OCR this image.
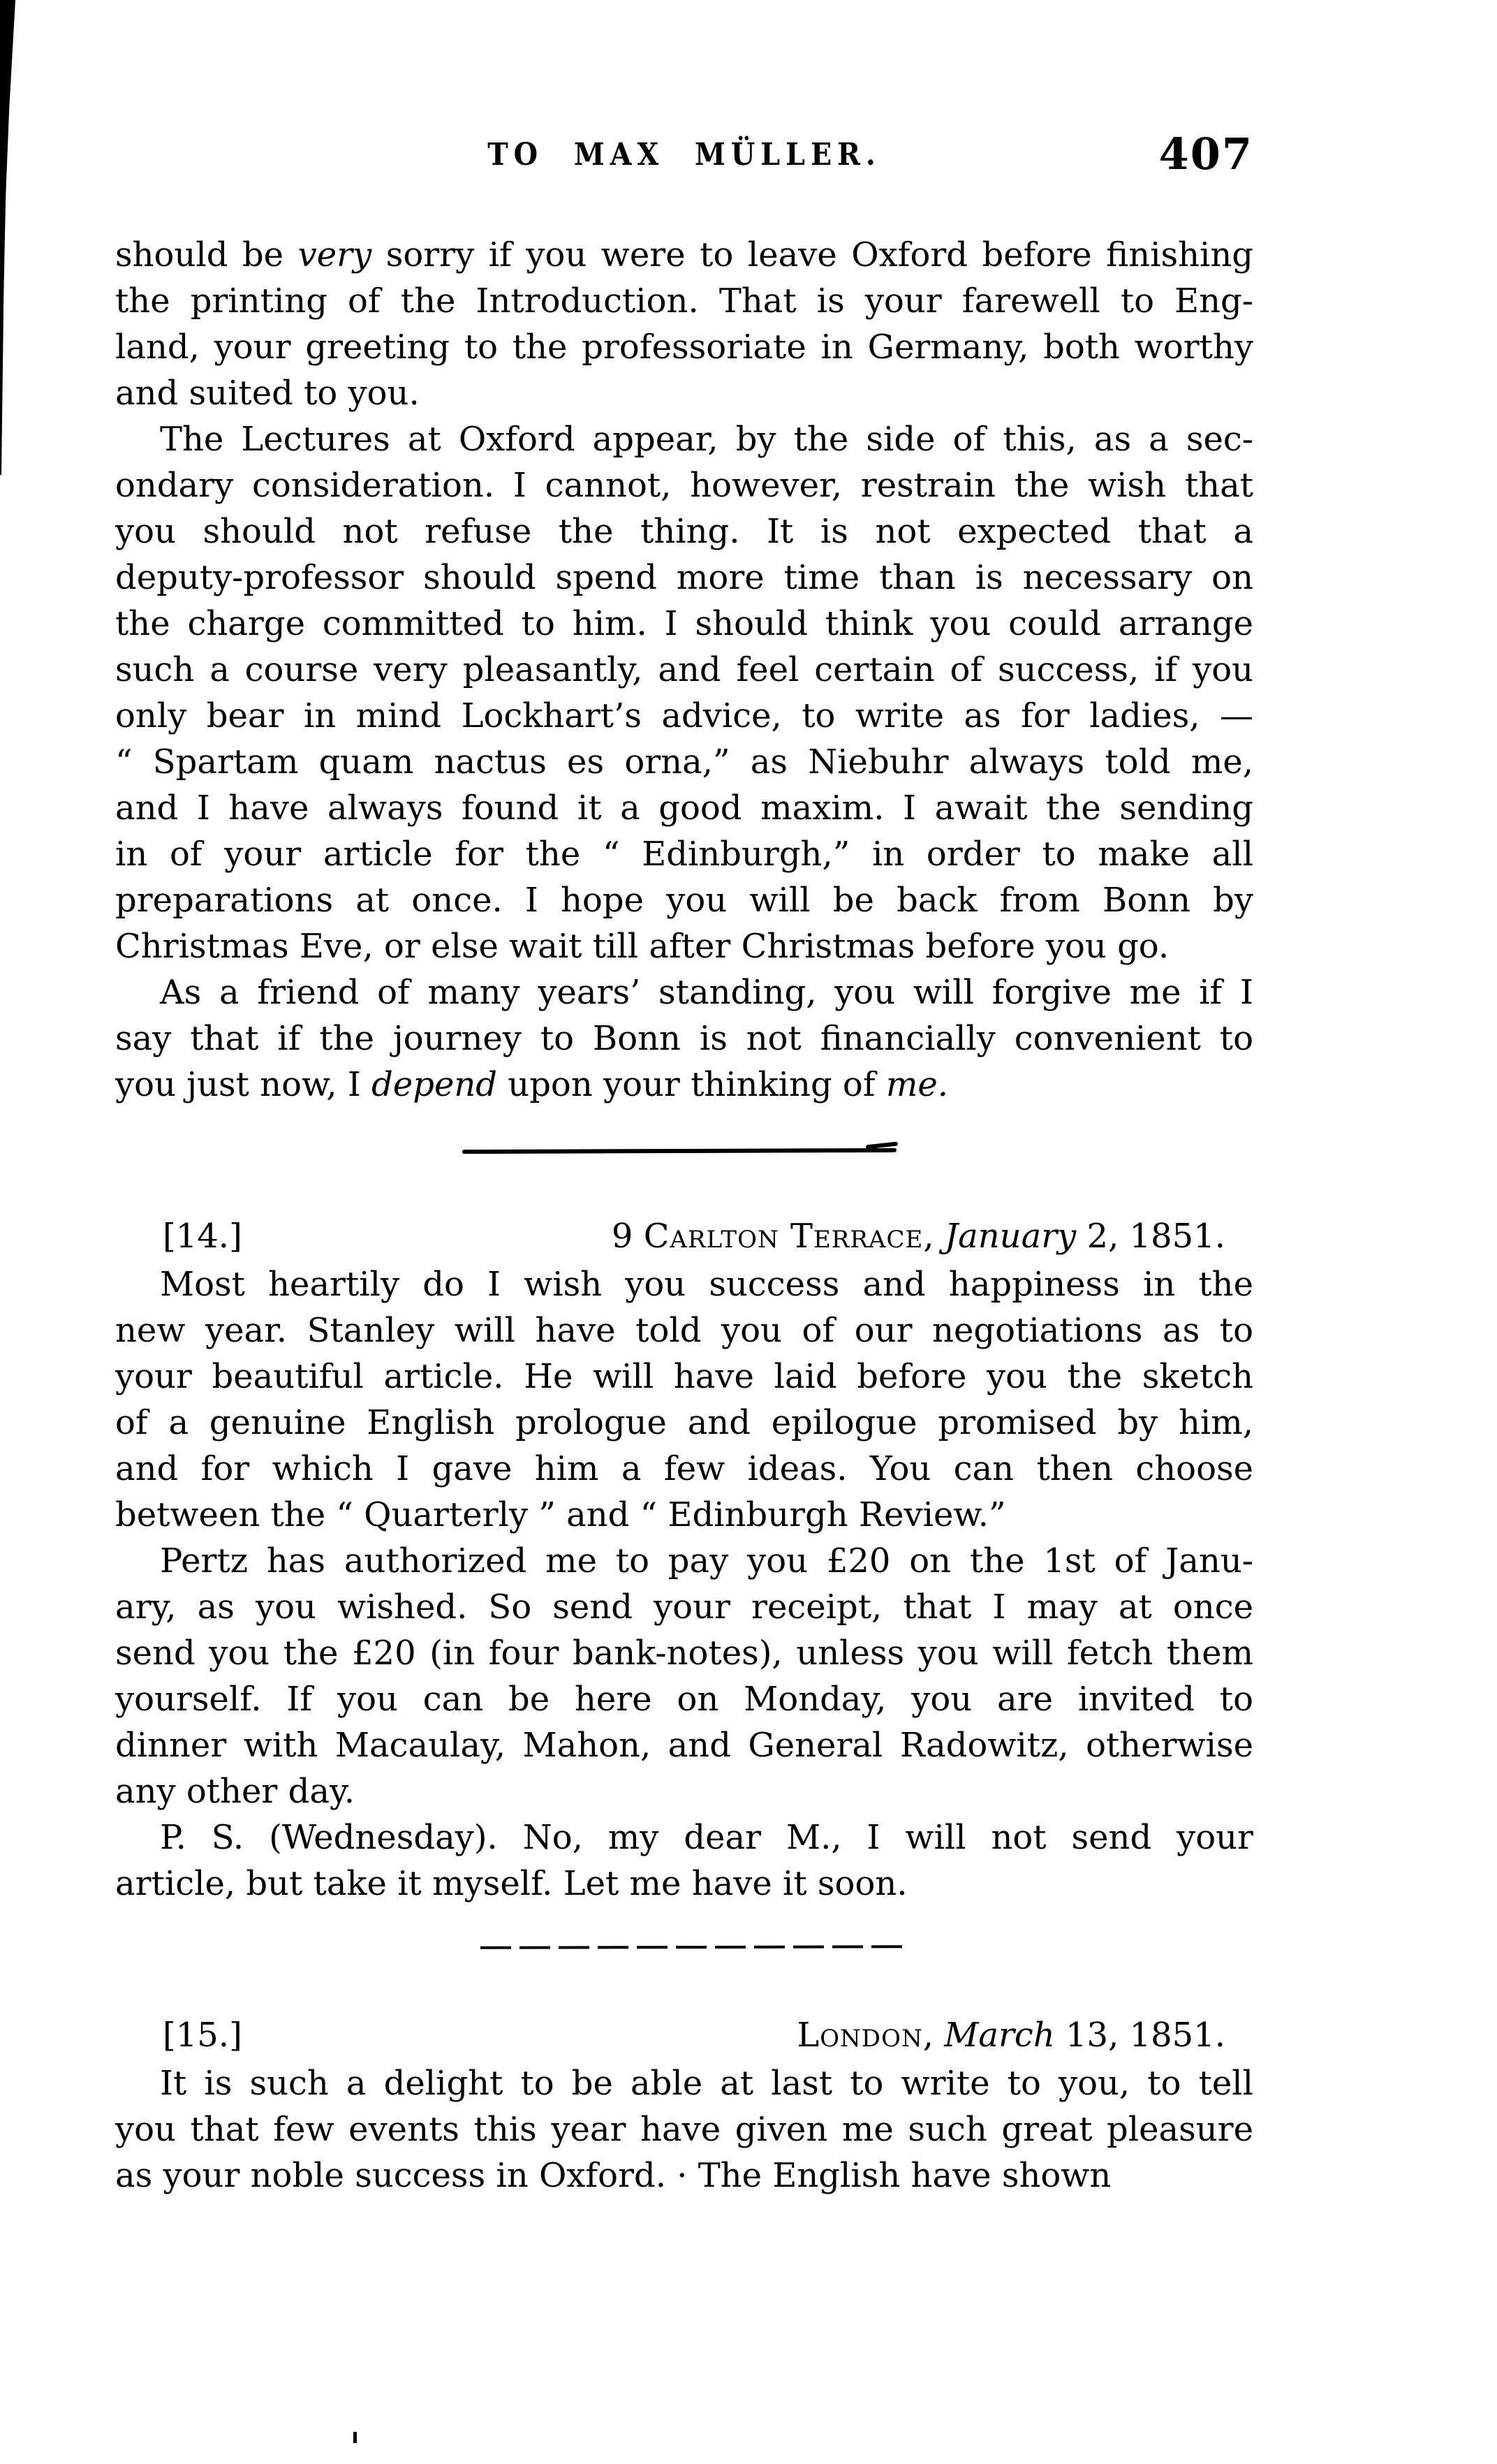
TO MAX MÜLLER.	407
should be very sorry if you were to leave Oxford before finishing
the printing of the Introduction. That is your farewell to Eng-
land, your greeting to the professoriate in Germany, both worthy
and suited to you.
The Lectures at Oxford appear, by the side of this, as a sec-
ondary consideration. I cannot, however, restrain the wish that
you should not refuse the thing. It is not expected that a
deputy-professor should spend more time than is necessary on
the charge committed to him. I should think you could arrange
such a course very pleasantly, and feel certain of success, if you
only bear in mind Lockhart’s advice, to write as for ladies, —
“ Spartam quam nactus es orna,” as Niebuhr always told me,
and I have always found it a good maxim. I await the sending
in of your article for the “ Edinburgh,” in order to make all
preparations at once. I hope you will be back from Bonn by
Christmas Eve, or else wait till after Christmas before you go.
As a friend of many years’ standing, you will forgive me if I
say that if the journey to Bonn is not financially convenient to
you just now, I depend upon your thinking of me.
[14.]	9 Carlton Terrace, January 2, 1851.
Most heartily do I wish you success and happiness in the
new year. Stanley will have told you of our negotiations as to
your beautiful article. He will have laid before you the sketch
of a genuine English prologue and epilogue promised by him,
and for which I gave him a few ideas. You can then choose
between the “ Quarterly ” and “ Edinburgh Review.”
Pertz has authorized me to pay you £20 on the 1st of Janu-
ary, as you wished. So send your receipt, that I may at once
send you the £20 (in four bank-notes), unless you will fetch them
yourself. If you can be here on Monday, you are invited to
dinner with Macaulay, Mahon, and General Radowitz, otherwise
any other day.
P. S. (Wednesday). No, my dear M., I will not send your
article, but take it myself. Let me have it soon.
[15.]	London, March 13, 1851.
It is such a delight to be able at last to write to you, to tell
you that few events this year have given me such great pleasure
as your noble success in Oxford. · The English have shown
